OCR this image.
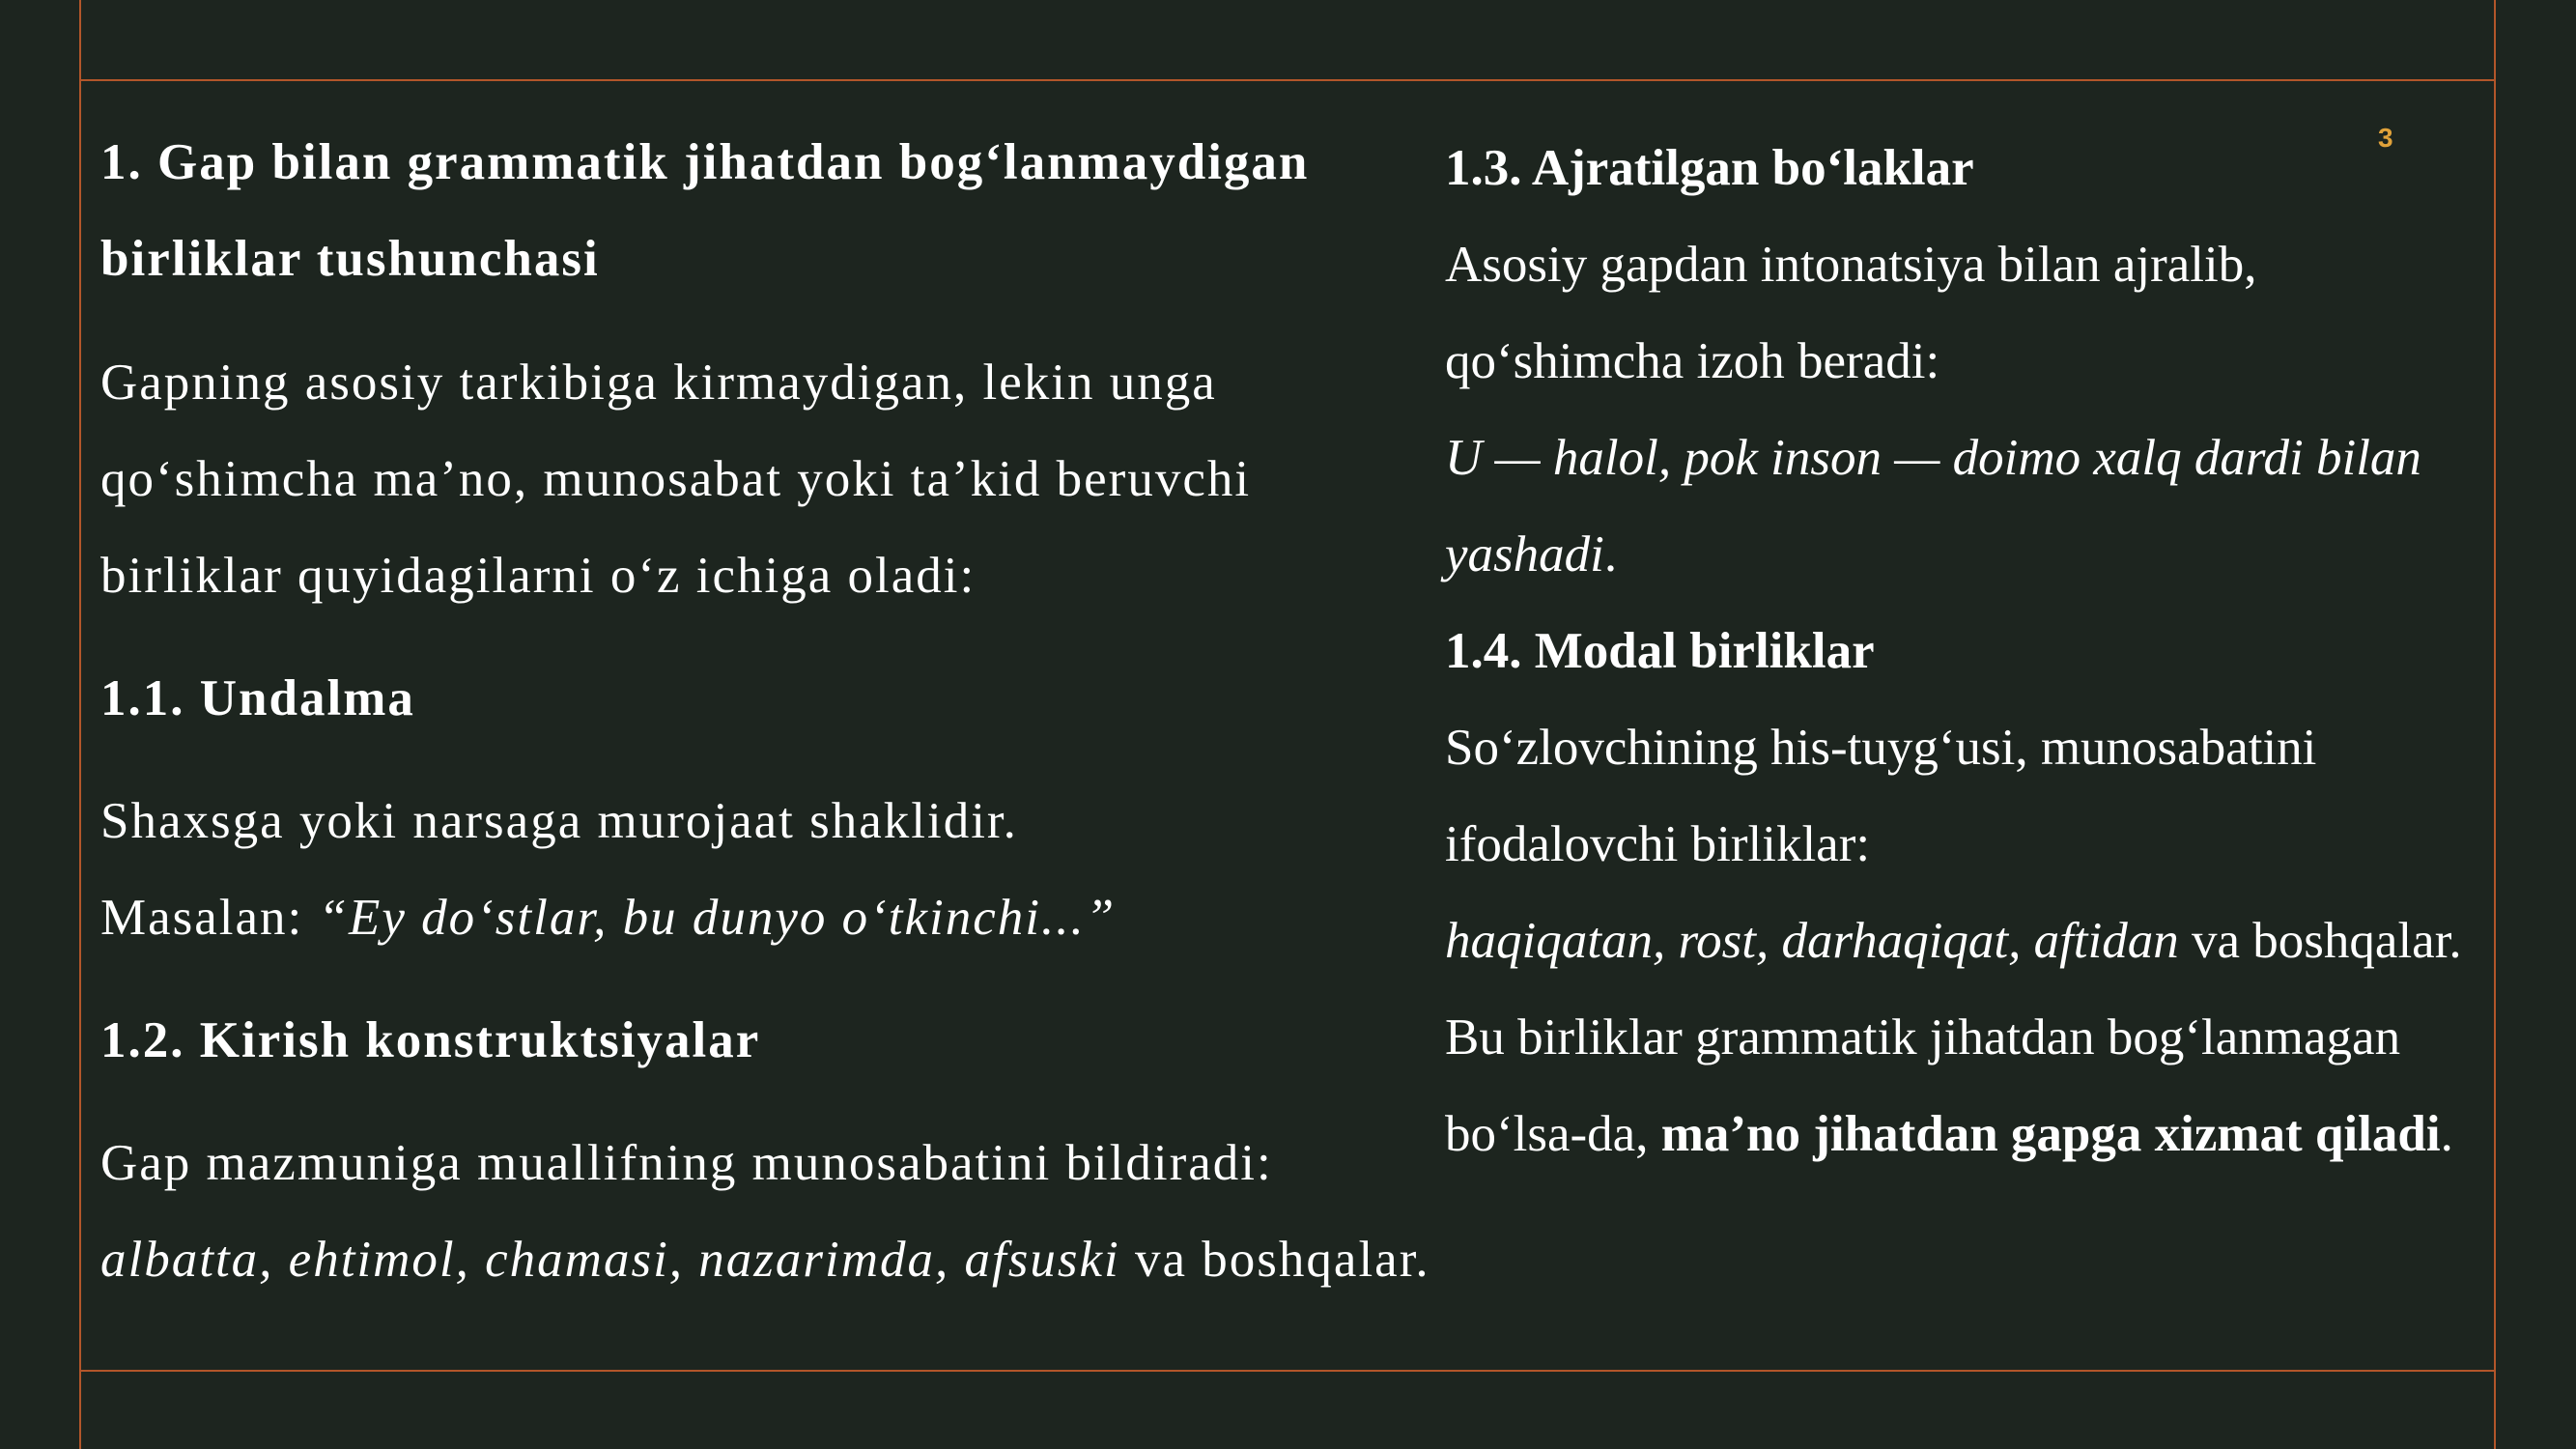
3
1. Gap bilan grammatik jihatdan bog‘lanmaydigan birliklar tushunchasi

Gapning asosiy tarkibiga kirmaydigan, lekin unga qo‘shimcha ma’no, munosabat yoki ta’kid beruvchi birliklar quyidagilarni o‘z ichiga oladi:

1.1. Undalma

Shaxsga yoki narsaga murojaat shaklidir.
Masalan: “Ey do‘stlar, bu dunyo o‘tkinchi...”

1.2. Kirish konstruktsiyalar

Gap mazmuniga muallifning munosabatini bildiradi: albatta, ehtimol, chamasi, nazarimda, afsuski va boshqalar.

1.3. Ajratilgan bo‘laklar

Asosiy gapdan intonatsiya bilan ajralib, qo‘shimcha izoh beradi:

U — halol, pok inson — doimo xalq dardi bilan yashadi.

1.4. Modal birliklar

So‘zlovchining his-tuyg‘usi, munosabatini ifodalovchi birliklar:

haqiqatan, rost, darhaqiqat, aftidan va boshqalar.

Bu birliklar grammatik jihatdan bog‘lanmagan bo‘lsa-da, ma’no jihatdan gapga xizmat qiladi.
